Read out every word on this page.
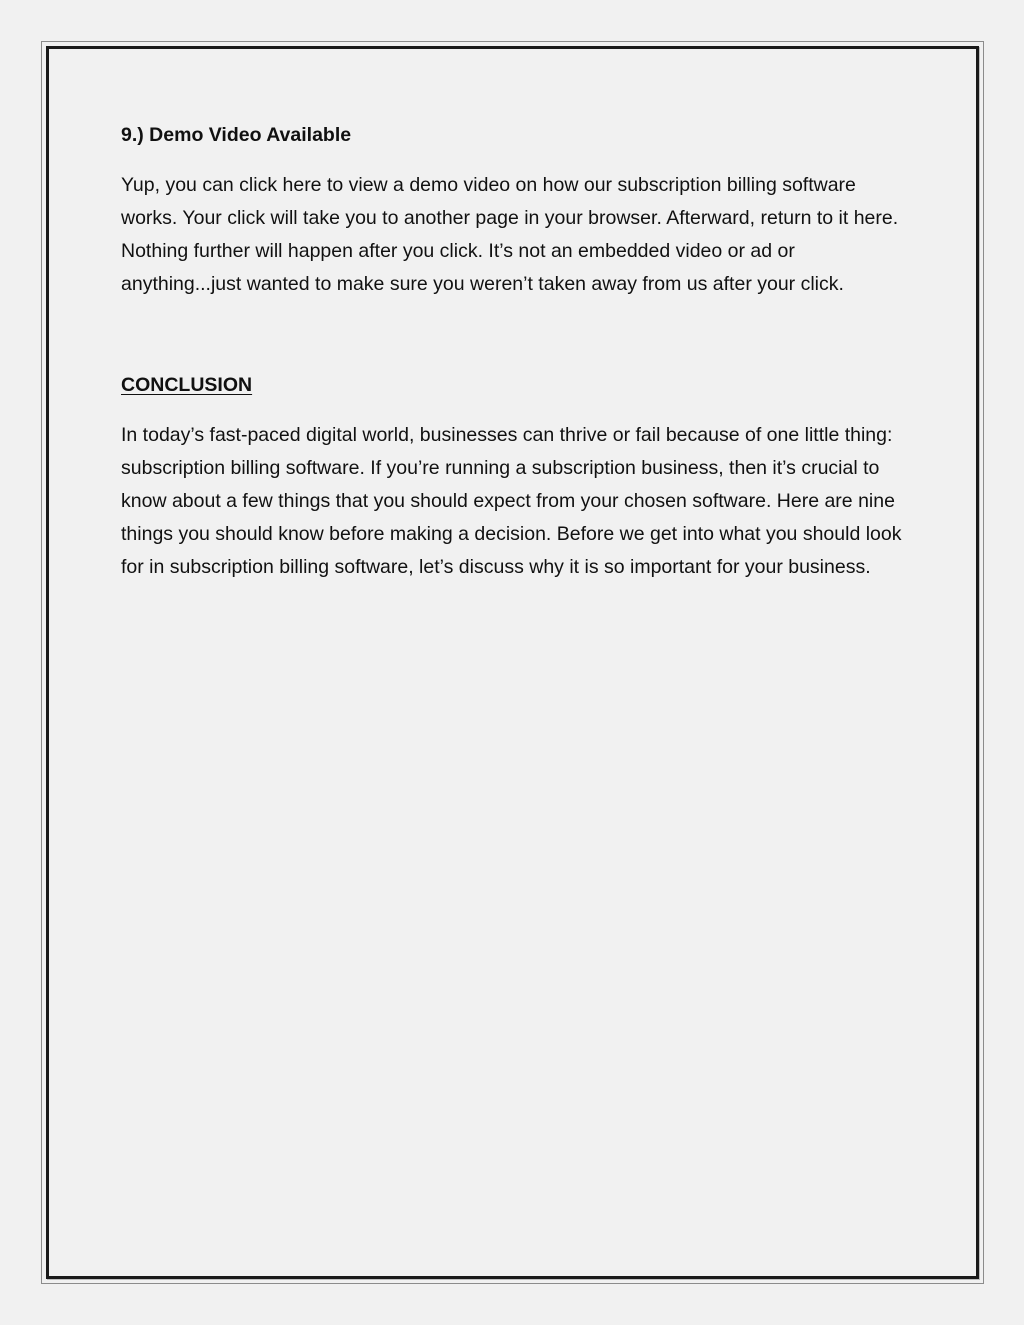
9.) Demo Video Available

Yup, you can click here to view a demo video on how our subscription billing software works. Your click will take you to another page in your browser. Afterward, return to it here. Nothing further will happen after you click. It’s not an embedded video or ad or anything...just wanted to make sure you weren’t taken away from us after your click.

CONCLUSION

In today’s fast-paced digital world, businesses can thrive or fail because of one little thing: subscription billing software. If you’re running a subscription business, then it’s crucial to know about a few things that you should expect from your chosen software. Here are nine things you should know before making a decision. Before we get into what you should look for in subscription billing software, let’s discuss why it is so important for your business.
